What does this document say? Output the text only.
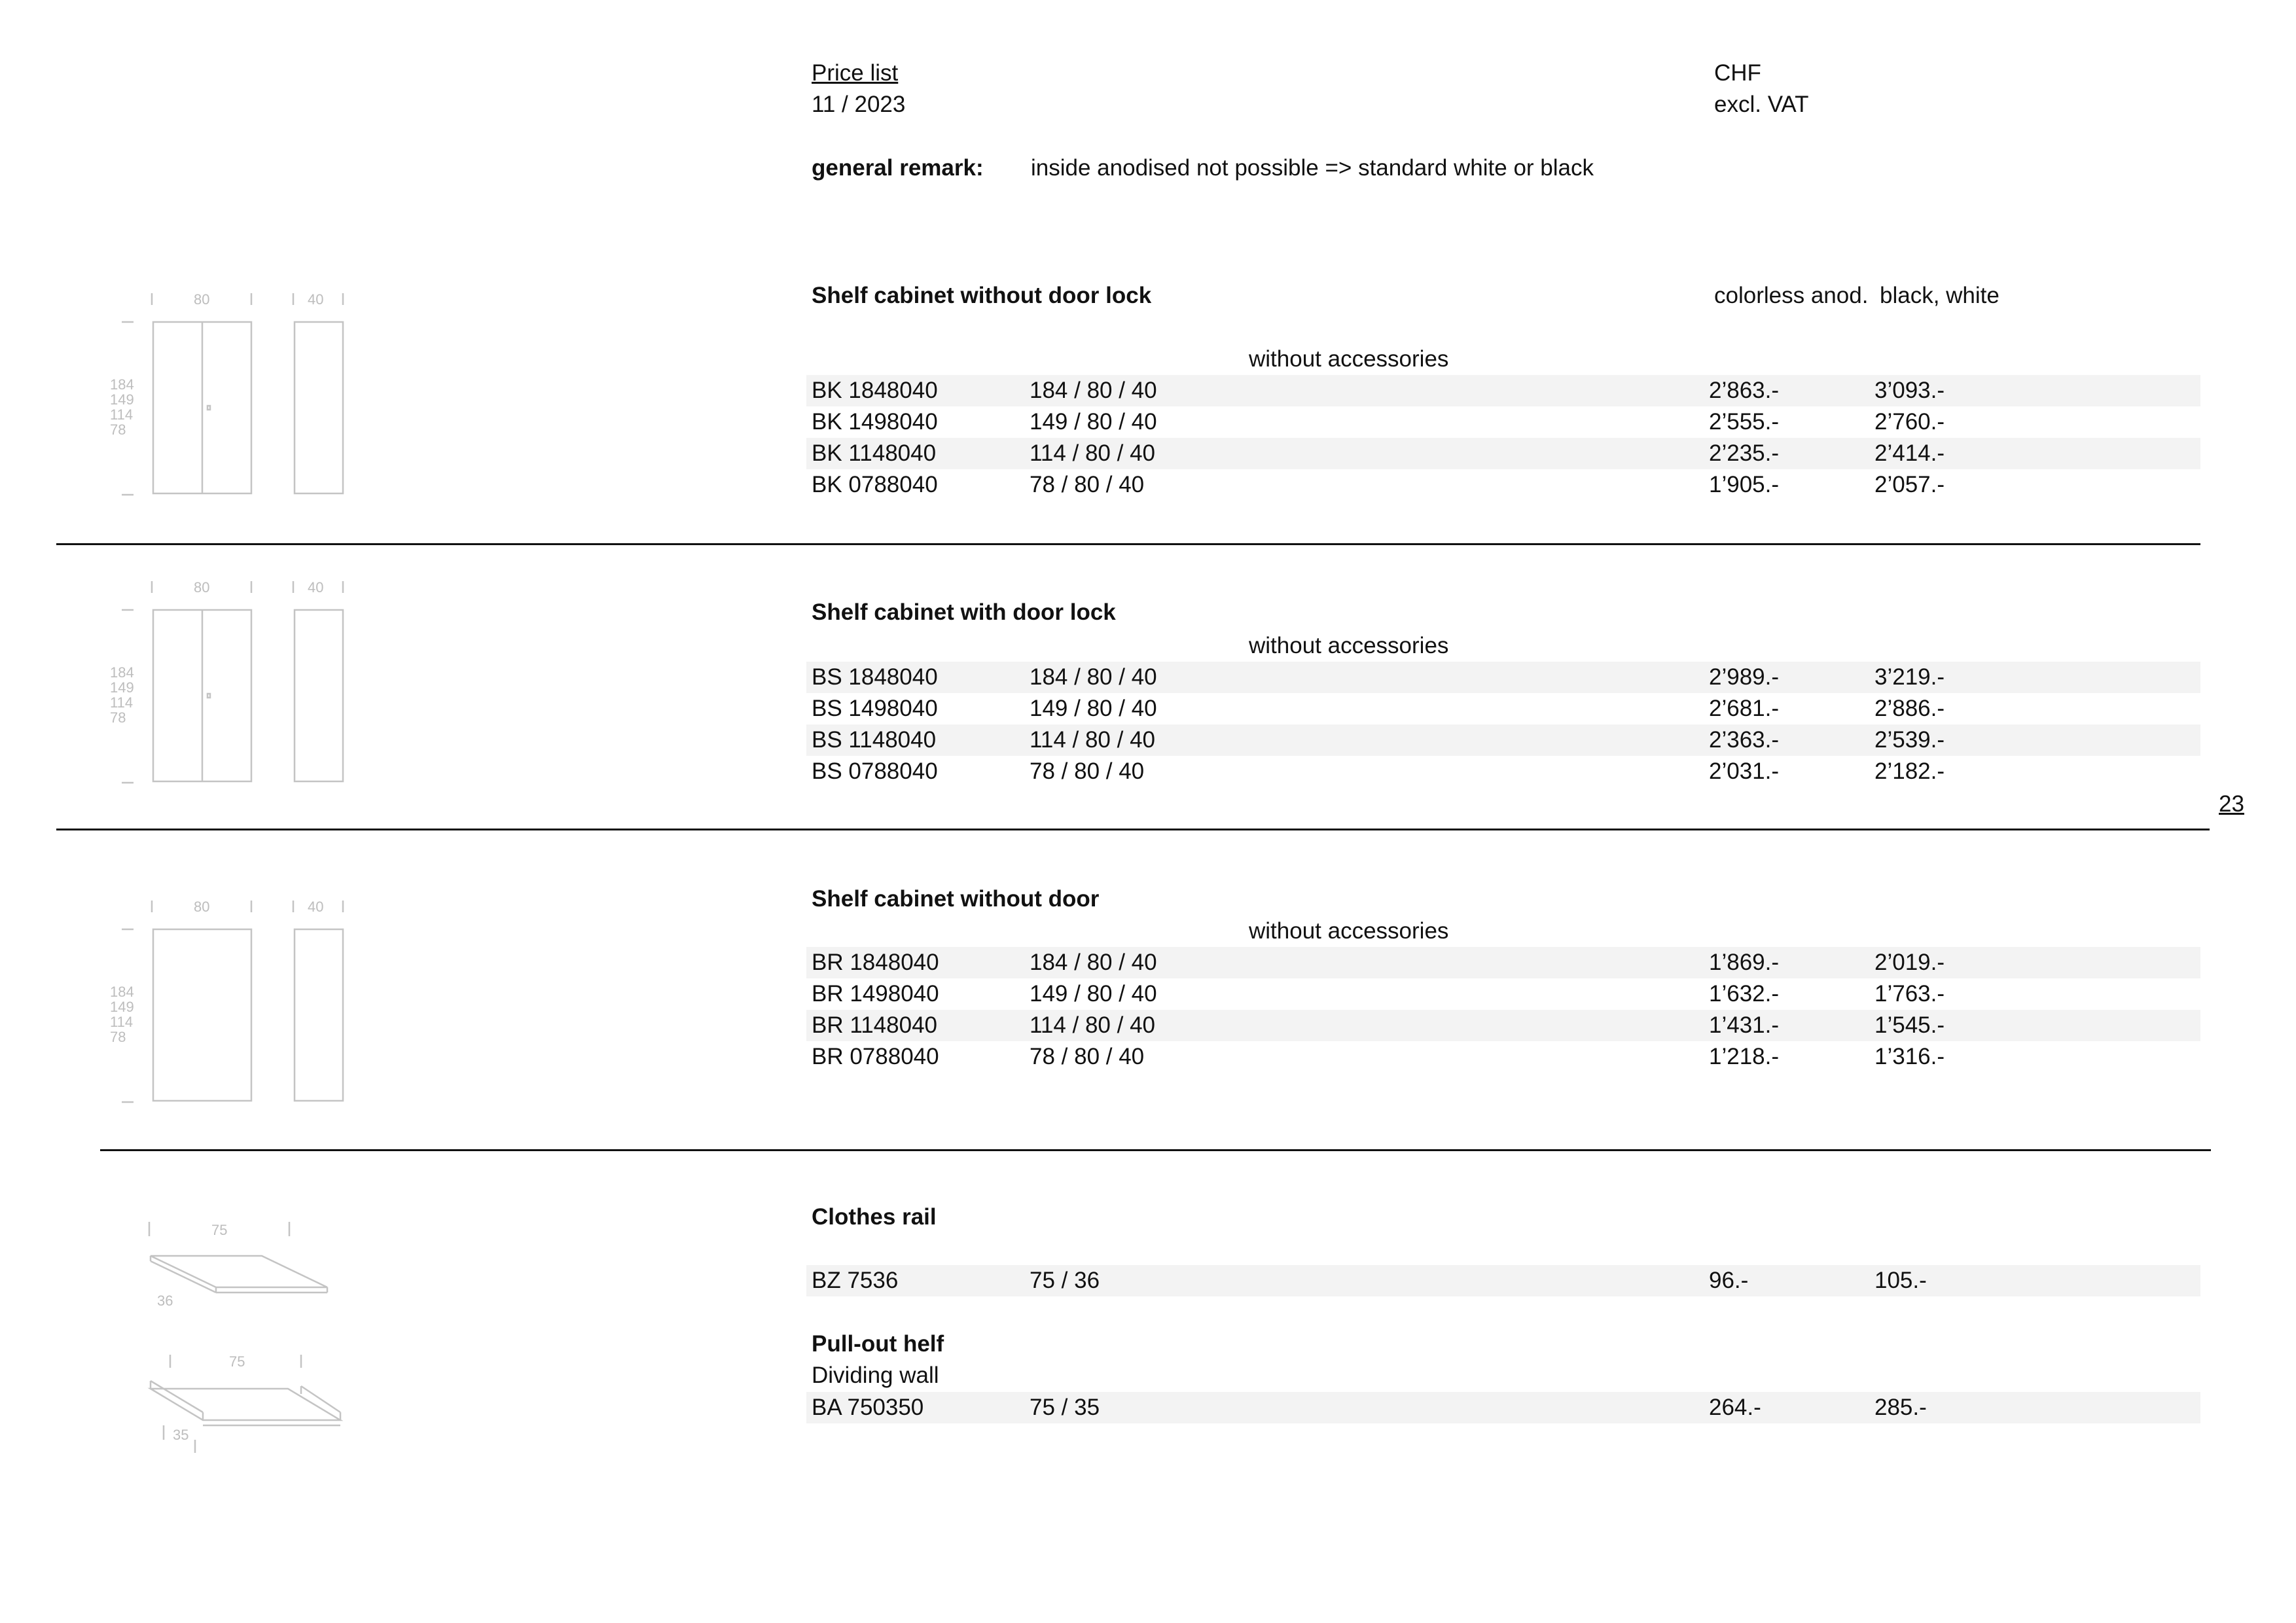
Price list
11 / 2023
CHF
excl. VAT
general remark: inside anodised not possible => standard white or black
Shelf cabinet without door lock	colorless anod. black, white
without accessories
BK 1848040	184 / 80 / 40	2’863.-	3’093.-
BK 1498040	149 / 80 / 40	2’555.-	2’760.-
BK 1148040	114 / 80 / 40	2’235.-	2’414.-
BK 0788040	78 / 80 / 40	1’905.-	2’057.-
Shelf cabinet with door lock
without accessories
BS 1848040	184 / 80 / 40	2’989.-	3’219.-
BS 1498040	149 / 80 / 40	2’681.-	2’886.-
BS 1148040	114 / 80 / 40	2’363.-	2’539.-
BS 0788040	78 / 80 / 40	2’031.-	2’182.-
23
Shelf cabinet without door
without accessories
BR 1848040	184 / 80 / 40	1’869.-	2’019.-
BR 1498040	149 / 80 / 40	1’632.-	1’763.-
BR 1148040	114 / 80 / 40	1’431.-	1’545.-
BR 0788040	78 / 80 / 40	1’218.-	1’316.-
Clothes rail
BZ 7536	75 / 36	96.-	105.-
Pull-out helf
Dividing wall
BA 750350	75 / 35	264.-	285.-
80	40
184
149
114
78
80	40
184
149
114
78
80	40
184
149
114
78
75
36
75
35
